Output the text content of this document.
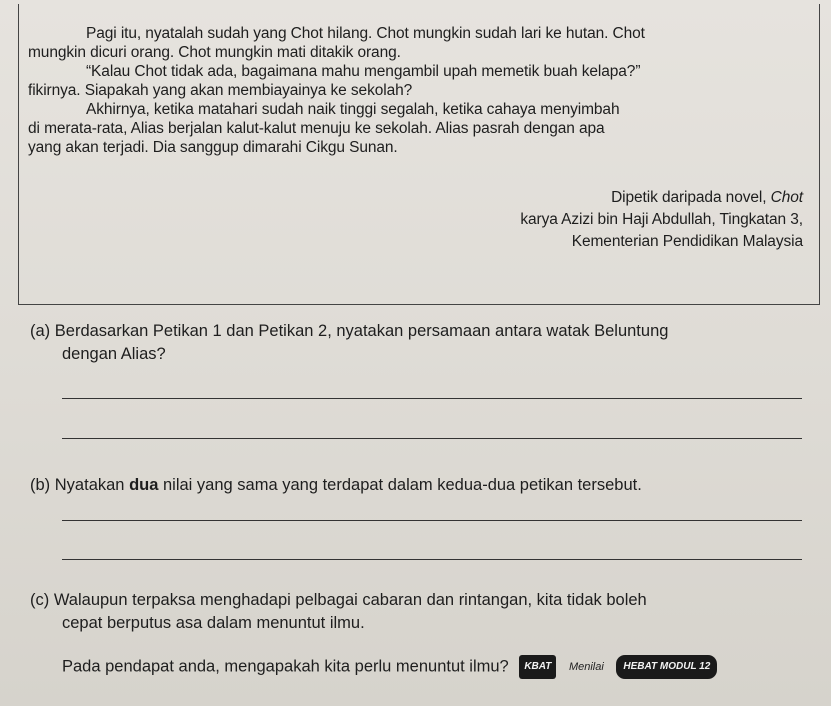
Pagi itu, nyatalah sudah yang Chot hilang. Chot mungkin sudah lari ke hutan. Chot
mungkin dicuri orang. Chot mungkin mati ditakik orang.
“Kalau Chot tidak ada, bagaimana mahu mengambil upah memetik buah kelapa?”
fikirnya. Siapakah yang akan membiayainya ke sekolah?
Akhirnya, ketika matahari sudah naik tinggi segalah, ketika cahaya menyimbah
di merata-rata, Alias berjalan kalut-kalut menuju ke sekolah. Alias pasrah dengan apa
yang akan terjadi. Dia sanggup dimarahi Cikgu Sunan.
Dipetik daripada novel, Chot
karya Azizi bin Haji Abdullah, Tingkatan 3,
Kementerian Pendidikan Malaysia
(a) Berdasarkan Petikan 1 dan Petikan 2, nyatakan persamaan antara watak Beluntung
dengan Alias?
(b) Nyatakan dua nilai yang sama yang terdapat dalam kedua-dua petikan tersebut.
(c) Walaupun terpaksa menghadapi pelbagai cabaran dan rintangan, kita tidak boleh
cepat berputus asa dalam menuntut ilmu.
Pada pendapat anda, mengapakah kita perlu menuntut ilmu? KBAT Menilai HEBAT MODUL 12
